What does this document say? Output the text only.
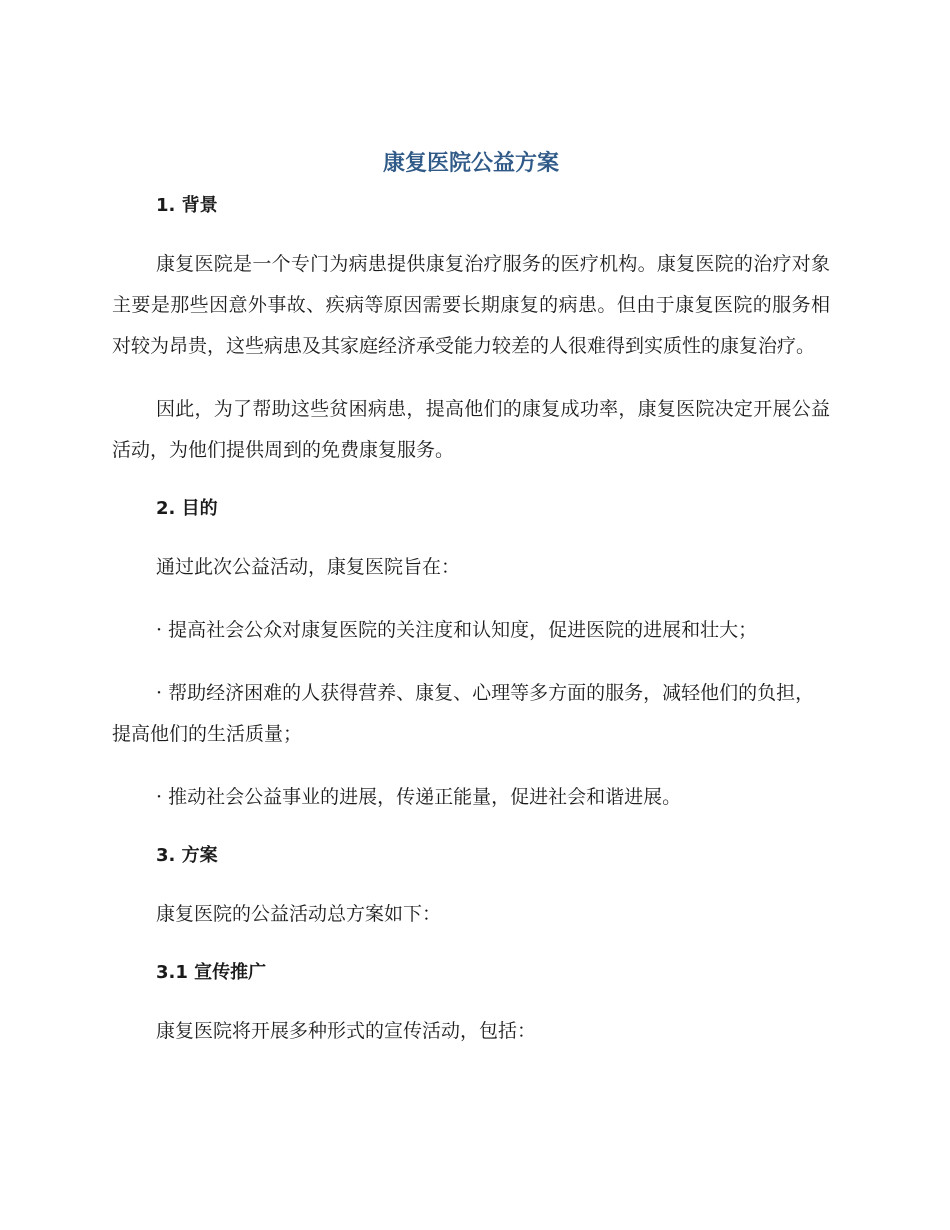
康复医院公益方案
1. 背景

康复医院是一个专门为病患提供康复治疗服务的医疗机构。康复医院的治疗对象主要是那些因意外事故、疾病等原因需要长期康复的病患。但由于康复医院的服务相对较为昂贵，这些病患及其家庭经济承受能力较差的人很难得到实质性的康复治疗。

因此，为了帮助这些贫困病患，提高他们的康复成功率，康复医院决定开展公益活动，为他们提供周到的免费康复服务。

2. 目的

通过此次公益活动，康复医院旨在：

· 提高社会公众对康复医院的关注度和认知度，促进医院的进展和壮大；

· 帮助经济困难的人获得营养、康复、心理等多方面的服务，减轻他们的负担，提高他们的生活质量；

· 推动社会公益事业的进展，传递正能量，促进社会和谐进展。

3. 方案

康复医院的公益活动总方案如下：

3.1 宣传推广

康复医院将开展多种形式的宣传活动，包括：
